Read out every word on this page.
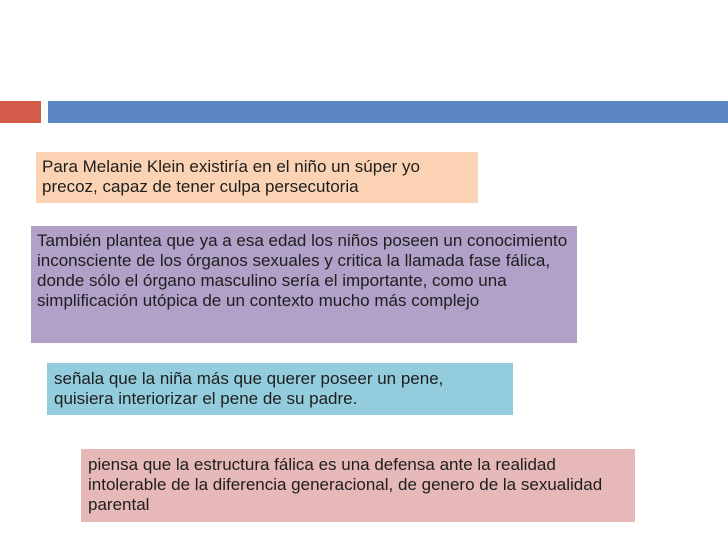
Para Melanie Klein existiría en el niño un súper yo precoz, capaz de tener culpa persecutoria
También plantea que ya a esa edad los niños poseen un conocimiento inconsciente de los órganos sexuales y critica la llamada fase fálica, donde sólo el órgano masculino sería el importante, como una simplificación utópica de un contexto mucho más complejo
señala que la niña más que querer poseer un pene, quisiera interiorizar el pene de su padre.
piensa que la estructura fálica es una defensa ante la realidad intolerable de la diferencia generacional, de genero de la sexualidad parental
